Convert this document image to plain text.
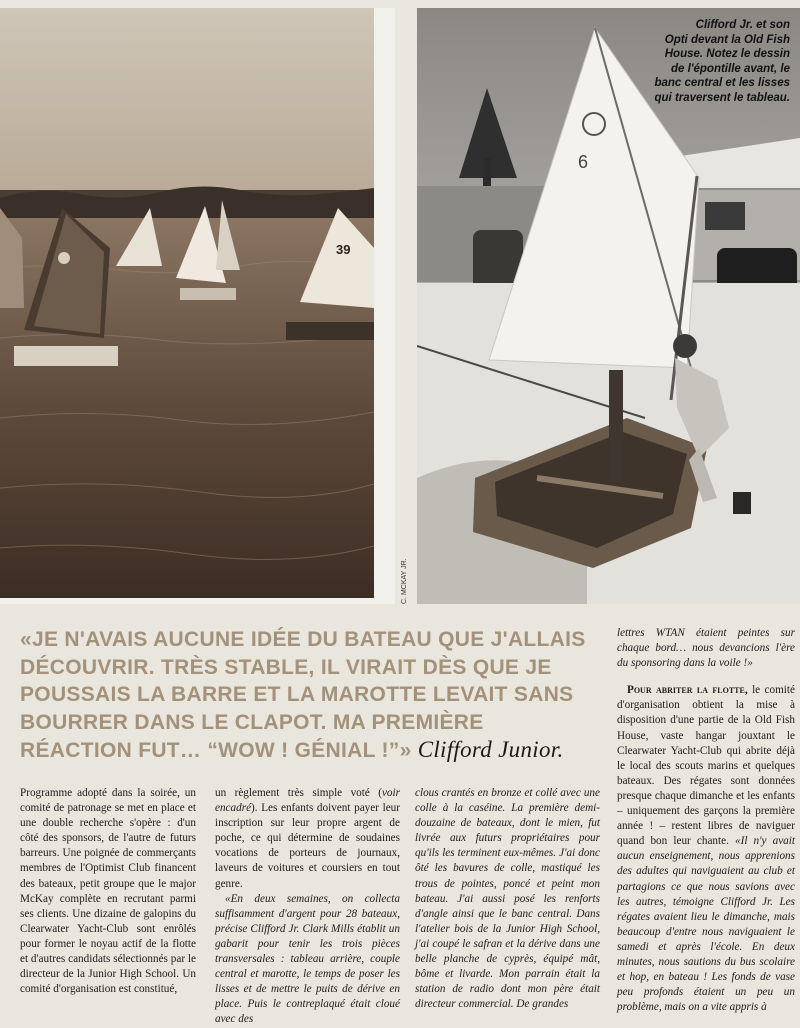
39
6
Clifford Jr. et son
Opti devant la Old Fish
House. Notez le dessin
de l'épontille avant, le
banc central et les lisses
qui traversent le tableau.
C. MCKAY JR.
«JE N'AVAIS AUCUNE IDÉE DU BATEAU QUE J'ALLAIS DÉCOUVRIR. TRÈS STABLE, IL VIRAIT DÈS QUE JE POUSSAIS LA BARRE ET LA MAROTTE LEVAIT SANS BOURRER DANS LE CLAPOT. MA PREMIÈRE RÉACTION FUT… “WOW ! GÉNIAL !”» Clifford Junior.

Programme adopté dans la soirée, un comité de patronage se met en place et une double recherche s'opère : d'un côté des sponsors, de l'autre de futurs barreurs. Une poignée de commerçants membres de l'Optimist Club financent des bateaux, petit groupe que le major McKay complète en recrutant parmi ses clients. Une dizaine de galopins du Clearwater Yacht-Club sont enrôlés pour former le noyau actif de la flotte et d'autres candidats sélectionnés par le directeur de la Junior High School. Un comité d'organisation est constitué,

un règlement très simple voté (voir encadré). Les enfants doivent payer leur inscription sur leur propre argent de poche, ce qui détermine de soudaines vocations de porteurs de journaux, laveurs de voitures et coursiers en tout genre.

«En deux semaines, on collecta suffisamment d'argent pour 28 bateaux, précise Clifford Jr. Clark Mills établit un gabarit pour tenir les trois pièces transversales : tableau arrière, couple central et marotte, le temps de poser les lisses et de mettre le puits de dérive en place. Puis le contreplaqué était cloué avec des

clous crantés en bronze et collé avec une colle à la caséine. La première demi-douzaine de bateaux, dont le mien, fut livrée aux futurs propriétaires pour qu'ils les terminent eux-mêmes. J'ai donc ôté les bavures de colle, mastiqué les trous de pointes, poncé et peint mon bateau. J'ai aussi posé les renforts d'angle ainsi que le banc central. Dans l'atelier bois de la Junior High School, j'ai coupé le safran et la dérive dans une belle planche de cyprès, équipé mât, bôme et livarde. Mon parrain était la station de radio dont mon père était directeur commercial. De grandes

lettres WTAN étaient peintes sur chaque bord… nous devancions l'ère du sponsoring dans la voile !»

Pour abriter la flotte, le comité d'organisation obtient la mise à disposition d'une partie de la Old Fish House, vaste hangar jouxtant le Clearwater Yacht-Club qui abrite déjà le local des scouts marins et quelques bateaux. Des régates sont données presque chaque dimanche et les enfants – uniquement des garçons la première année ! – restent libres de naviguer quand bon leur chante. «Il n'y avait aucun enseignement, nous apprenions des adultes qui naviguaient au club et partagions ce que nous savions avec les autres, témoigne Clifford Jr. Les régates avaient lieu le dimanche, mais beaucoup d'entre nous naviguaient le samedi et après l'école. En deux minutes, nous sautions du bus scolaire et hop, en bateau ! Les fonds de vase peu profonds étaient un peu un problème, mais on a vite appris à
